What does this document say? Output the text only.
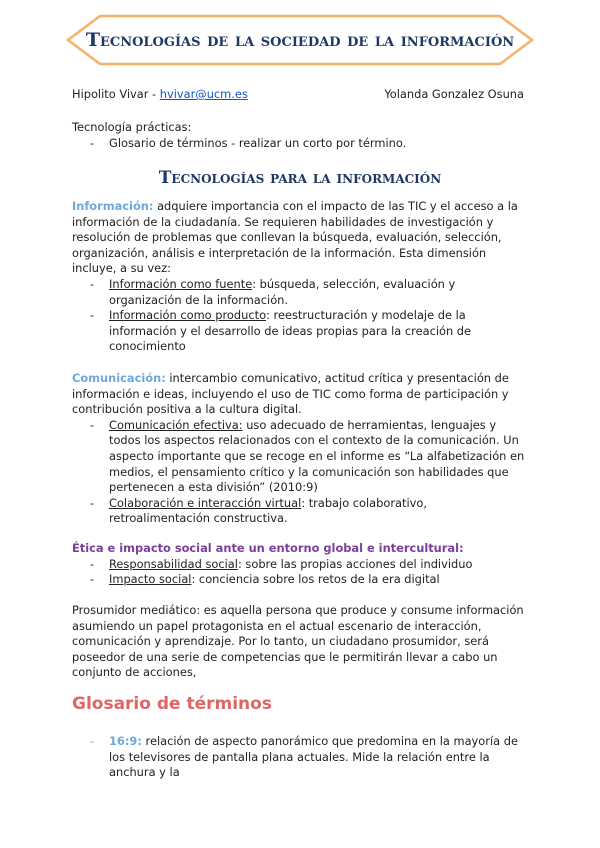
Tecnologías de la sociedad de la información
Hipolito Vivar - hvivar@ucm.es	Yolanda Gonzalez Osuna
Tecnología prácticas:
- Glosario de términos - realizar un corto por término.
Tecnologías para la información
Información: adquiere importancia con el impacto de las TIC y el acceso a la información de la ciudadanía. Se requieren habilidades de investigación y resolución de problemas que conllevan la búsqueda, evaluación, selección, organización, análisis e interpretación de la información. Esta dimensión incluye, a su vez:
- Información como fuente: búsqueda, selección, evaluación y organización de la información.
- Información como producto: reestructuración y modelaje de la información y el desarrollo de ideas propias para la creación de conocimiento
Comunicación: intercambio comunicativo, actitud crítica y presentación de información e ideas, incluyendo el uso de TIC como forma de participación y contribución positiva a la cultura digital.
- Comunicación efectiva: uso adecuado de herramientas, lenguajes y todos los aspectos relacionados con el contexto de la comunicación. Un aspecto importante que se recoge en el informe es “La alfabetización en medios, el pensamiento crítico y la comunicación son habilidades que pertenecen a esta división” (2010:9)
- Colaboración e interacción virtual: trabajo colaborativo, retroalimentación constructiva.
Ética e impacto social ante un entorno global e intercultural:
- Responsabilidad social: sobre las propias acciones del individuo
- Impacto social: conciencia sobre los retos de la era digital
Prosumidor mediático: es aquella persona que produce y consume información asumiendo un papel protagonista en el actual escenario de interacción, comunicación y aprendizaje. Por lo tanto, un ciudadano prosumidor, será poseedor de una serie de competencias que le permitirán llevar a cabo un conjunto de acciones,
Glosario de términos
- 16:9: relación de aspecto panorámico que predomina en la mayoría de los televisores de pantalla plana actuales. Mide la relación entre la anchura y la
